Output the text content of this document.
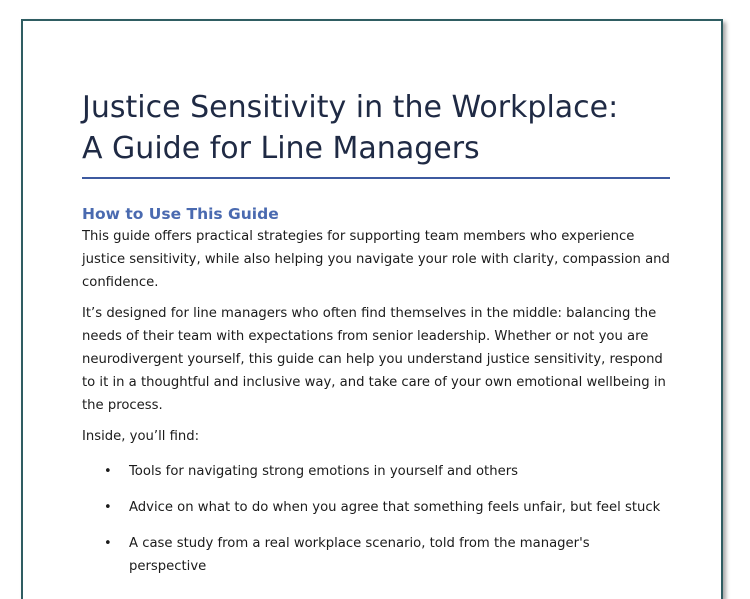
Justice Sensitivity in the Workplace:
A Guide for Line Managers
How to Use This Guide

This guide offers practical strategies for supporting team members who experience justice sensitivity, while also helping you navigate your role with clarity, compassion and confidence.

It’s designed for line managers who often find themselves in the middle: balancing the needs of their team with expectations from senior leadership. Whether or not you are neurodivergent yourself, this guide can help you understand justice sensitivity, respond to it in a thoughtful and inclusive way, and take care of your own emotional wellbeing in the process.

Inside, you’ll find:

• Tools for navigating strong emotions in yourself and others
• Advice on what to do when you agree that something feels unfair, but feel stuck
• A case study from a real workplace scenario, told from the manager's perspective
